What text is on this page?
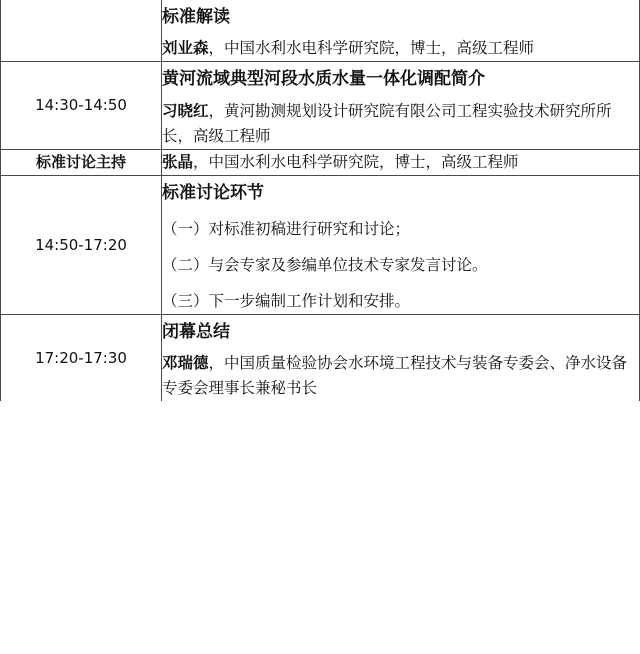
	标准解读

刘业森，中国水利水电科学研究院，博士，高级工程师

14:30-14:50	黄河流域典型河段水质水量一体化调配简介

习晓红，黄河勘测规划设计研究院有限公司工程实验技术研究所所长，高级工程师

标准讨论主持	张晶，中国水利水电科学研究院，博士，高级工程师

14:50-17:20	标准讨论环节

（一）对标准初稿进行研究和讨论；

（二）与会专家及参编单位技术专家发言讨论。

（三）下一步编制工作计划和安排。

17:20-17:30	闭幕总结

邓瑞德，中国质量检验协会水环境工程技术与装备专委会、净水设备专委会理事长兼秘书长
